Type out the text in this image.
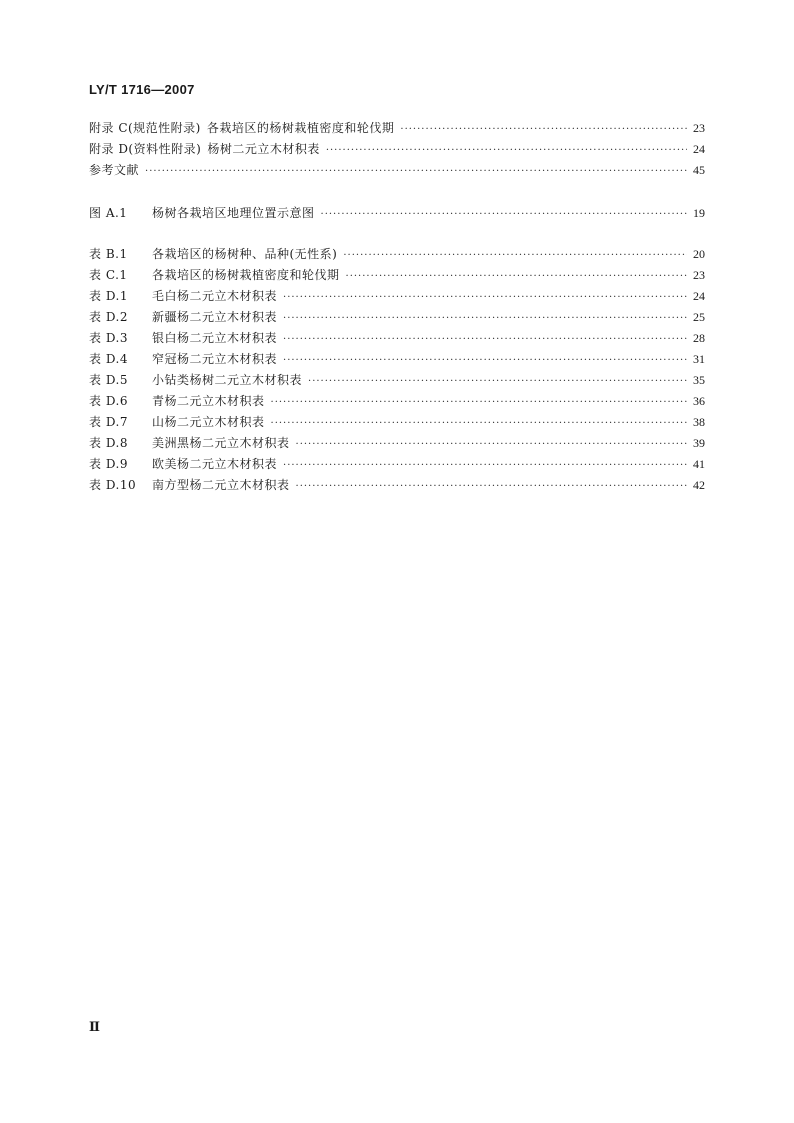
LY/T 1716—2007
附录 C(规范性附录) 各栽培区的杨树栽植密度和轮伐期 ·····	23
附录 D(资料性附录) 杨树二元立木材积表 ·····	24
参考文献 ·····	45
图 A.1 杨树各栽培区地理位置示意图 ·····	19
表 B.1 各栽培区的杨树种、品种(无性系) ·····	20
表 C.1 各栽培区的杨树栽植密度和轮伐期 ·····	23
表 D.1 毛白杨二元立木材积表 ·····	24
表 D.2 新疆杨二元立木材积表 ·····	25
表 D.3 银白杨二元立木材积表 ·····	28
表 D.4 窄冠杨二元立木材积表 ·····	31
表 D.5 小钻类杨树二元立木材积表 ·····	35
表 D.6 青杨二元立木材积表 ·····	36
表 D.7 山杨二元立木材积表 ·····	38
表 D.8 美洲黑杨二元立木材积表 ·····	39
表 D.9 欧美杨二元立木材积表 ·····	41
表 D.10 南方型杨二元立木材积表 ·····	42
Ⅱ
